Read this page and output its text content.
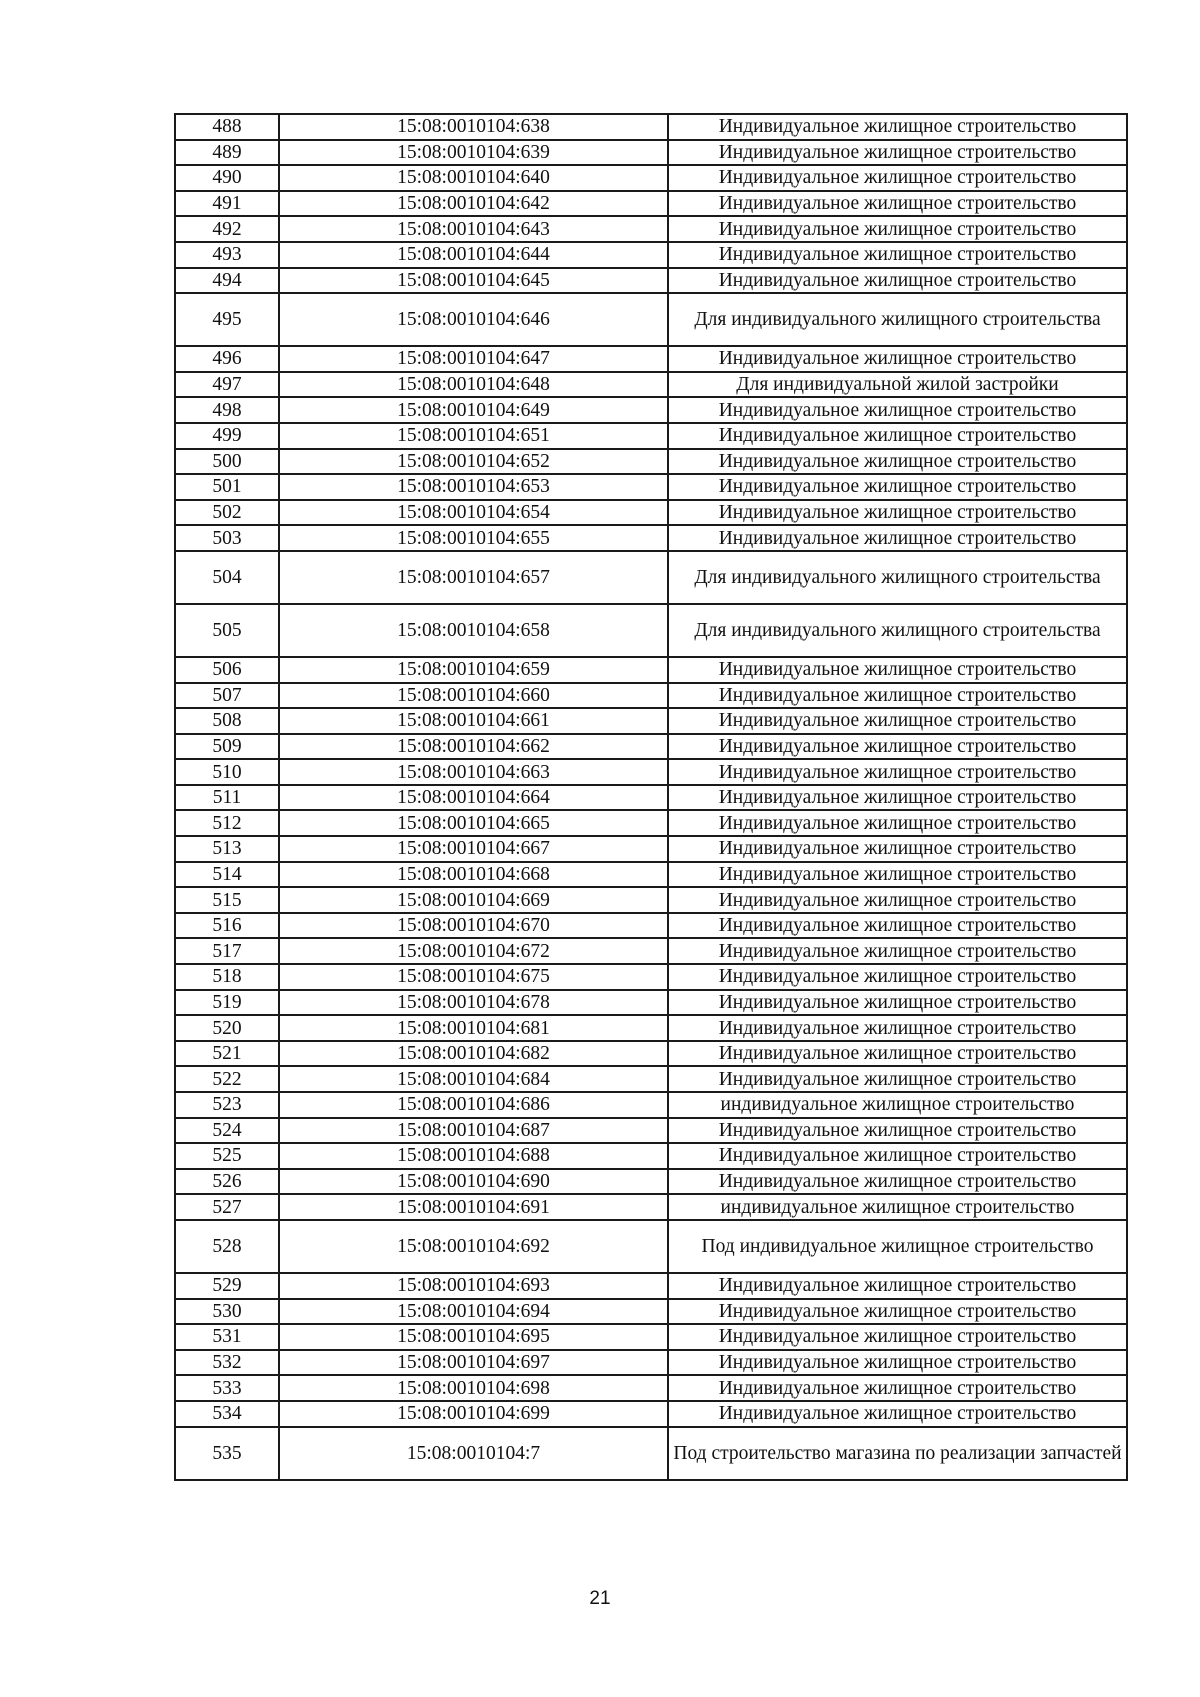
488	15:08:0010104:638	Индивидуальное жилищное строительство
489	15:08:0010104:639	Индивидуальное жилищное строительство
490	15:08:0010104:640	Индивидуальное жилищное строительство
491	15:08:0010104:642	Индивидуальное жилищное строительство
492	15:08:0010104:643	Индивидуальное жилищное строительство
493	15:08:0010104:644	Индивидуальное жилищное строительство
494	15:08:0010104:645	Индивидуальное жилищное строительство
495	15:08:0010104:646	Для индивидуального жилищного строительства
496	15:08:0010104:647	Индивидуальное жилищное строительство
497	15:08:0010104:648	Для индивидуальной жилой застройки
498	15:08:0010104:649	Индивидуальное жилищное строительство
499	15:08:0010104:651	Индивидуальное жилищное строительство
500	15:08:0010104:652	Индивидуальное жилищное строительство
501	15:08:0010104:653	Индивидуальное жилищное строительство
502	15:08:0010104:654	Индивидуальное жилищное строительство
503	15:08:0010104:655	Индивидуальное жилищное строительство
504	15:08:0010104:657	Для индивидуального жилищного строительства
505	15:08:0010104:658	Для индивидуального жилищного строительства
506	15:08:0010104:659	Индивидуальное жилищное строительство
507	15:08:0010104:660	Индивидуальное жилищное строительство
508	15:08:0010104:661	Индивидуальное жилищное строительство
509	15:08:0010104:662	Индивидуальное жилищное строительство
510	15:08:0010104:663	Индивидуальное жилищное строительство
511	15:08:0010104:664	Индивидуальное жилищное строительство
512	15:08:0010104:665	Индивидуальное жилищное строительство
513	15:08:0010104:667	Индивидуальное жилищное строительство
514	15:08:0010104:668	Индивидуальное жилищное строительство
515	15:08:0010104:669	Индивидуальное жилищное строительство
516	15:08:0010104:670	Индивидуальное жилищное строительство
517	15:08:0010104:672	Индивидуальное жилищное строительство
518	15:08:0010104:675	Индивидуальное жилищное строительство
519	15:08:0010104:678	Индивидуальное жилищное строительство
520	15:08:0010104:681	Индивидуальное жилищное строительство
521	15:08:0010104:682	Индивидуальное жилищное строительство
522	15:08:0010104:684	Индивидуальное жилищное строительство
523	15:08:0010104:686	индивидуальное жилищное строительство
524	15:08:0010104:687	Индивидуальное жилищное строительство
525	15:08:0010104:688	Индивидуальное жилищное строительство
526	15:08:0010104:690	Индивидуальное жилищное строительство
527	15:08:0010104:691	индивидуальное жилищное строительство
528	15:08:0010104:692	Под индивидуальное жилищное строительство
529	15:08:0010104:693	Индивидуальное жилищное строительство
530	15:08:0010104:694	Индивидуальное жилищное строительство
531	15:08:0010104:695	Индивидуальное жилищное строительство
532	15:08:0010104:697	Индивидуальное жилищное строительство
533	15:08:0010104:698	Индивидуальное жилищное строительство
534	15:08:0010104:699	Индивидуальное жилищное строительство
535	15:08:0010104:7	Под строительство магазина по реализации запчастей
21
